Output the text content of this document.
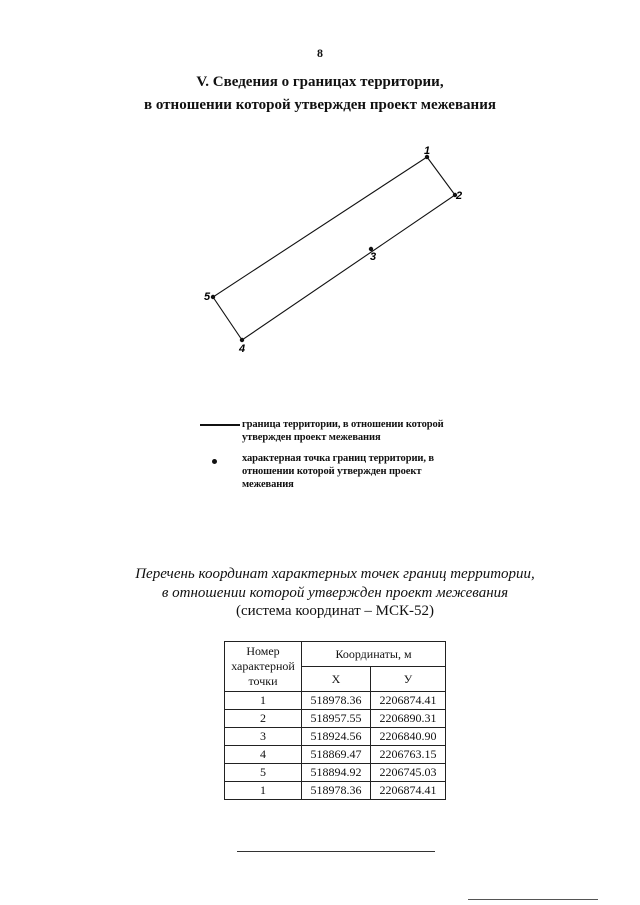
8
V. Сведения о границах территории,
в отношении которой утвержден проект межевания
1
2
3
4
5
граница территории, в отношении которой утвержден проект межевания
характерная точка границ территории, в отношении которой утвержден проект межевания
Перечень координат характерных точек границ территории,
в отношении которой утвержден проект межевания
(система координат – МСК-52)
Номер характерной точки	Координаты, м	
	Х	У
1	518978.36	2206874.41
2	518957.55	2206890.31
3	518924.56	2206840.90
4	518869.47	2206763.15
5	518894.92	2206745.03
1	518978.36	2206874.41
